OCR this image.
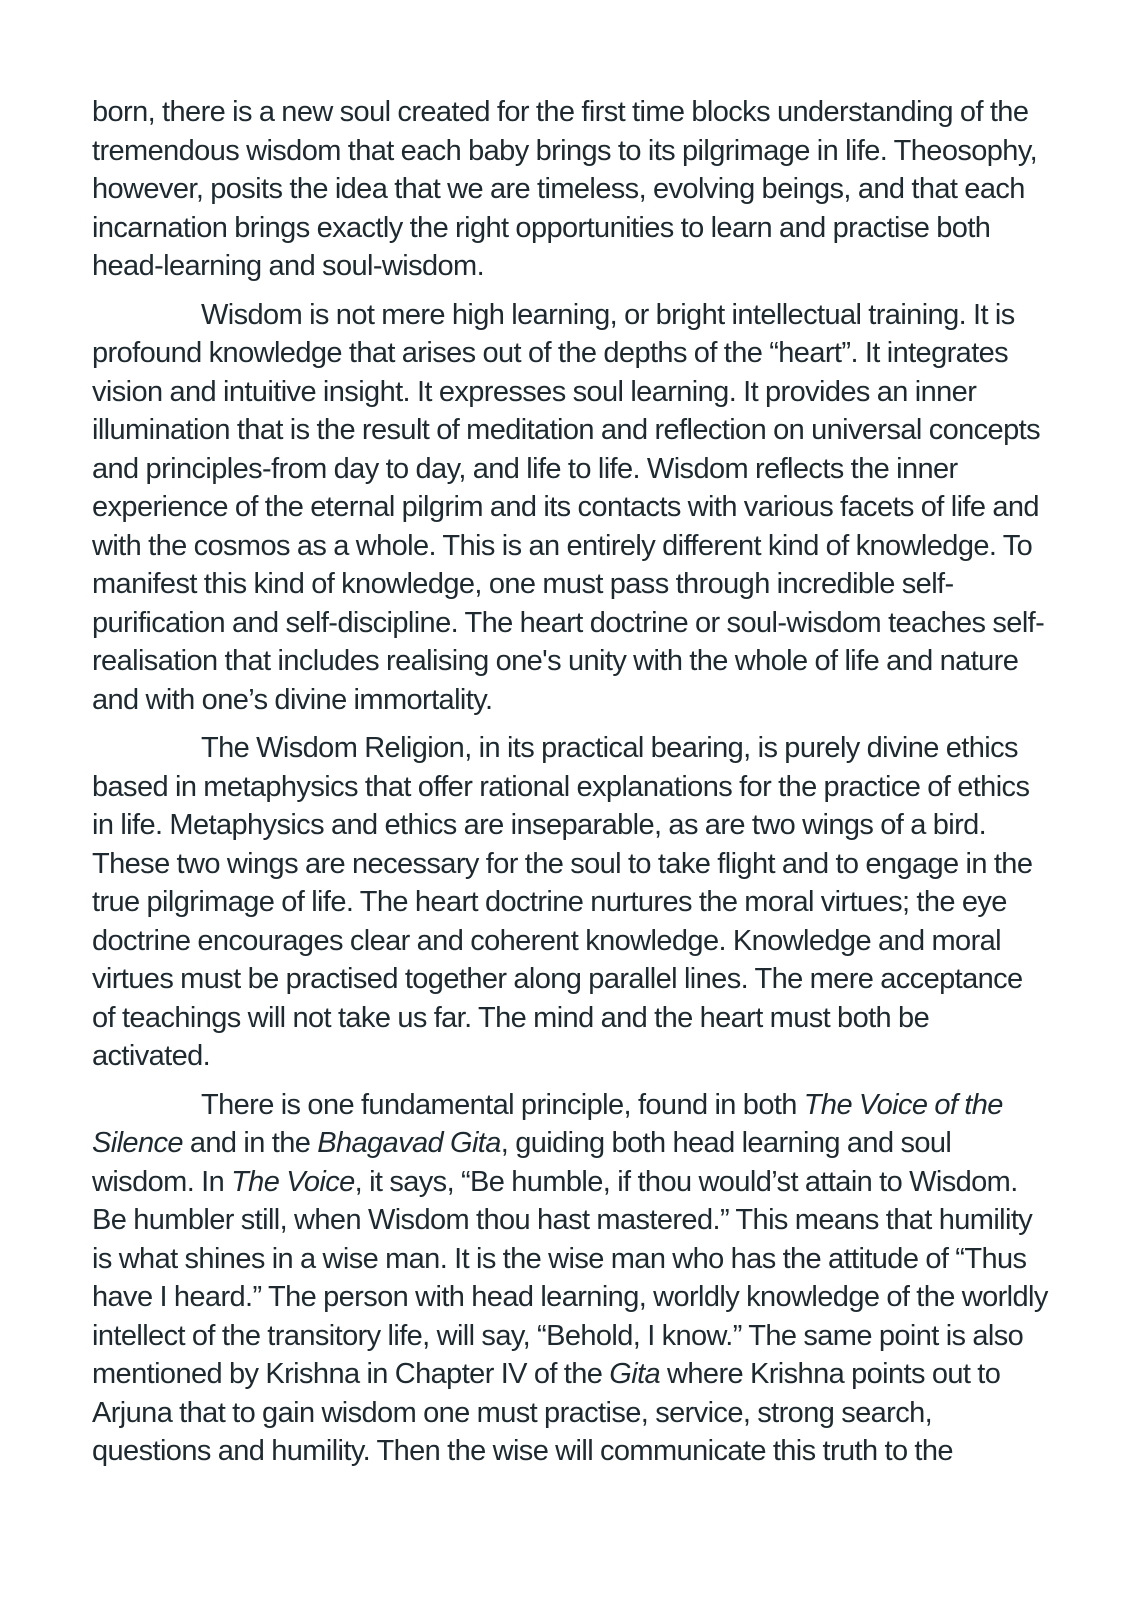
born, there is a new soul created for the first time blocks understanding of the
tremendous wisdom that each baby brings to its pilgrimage in life. Theosophy,
however, posits the idea that we are timeless, evolving beings, and that each
incarnation brings exactly the right opportunities to learn and practise both
head-learning and soul-wisdom.
Wisdom is not mere high learning, or bright intellectual training. It is
profound knowledge that arises out of the depths of the “heart”. It integrates
vision and intuitive insight. It expresses soul learning. It provides an inner
illumination that is the result of meditation and reflection on universal concepts
and principles-from day to day, and life to life. Wisdom reflects the inner
experience of the eternal pilgrim and its contacts with various facets of life and
with the cosmos as a whole. This is an entirely different kind of knowledge. To
manifest this kind of knowledge, one must pass through incredible self-
purification and self-discipline. The heart doctrine or soul-wisdom teaches self-
realisation that includes realising one's unity with the whole of life and nature
and with one’s divine immortality.
The Wisdom Religion, in its practical bearing, is purely divine ethics
based in metaphysics that offer rational explanations for the practice of ethics
in life. Metaphysics and ethics are inseparable, as are two wings of a bird.
These two wings are necessary for the soul to take flight and to engage in the
true pilgrimage of life. The heart doctrine nurtures the moral virtues; the eye
doctrine encourages clear and coherent knowledge. Knowledge and moral
virtues must be practised together along parallel lines. The mere acceptance
of teachings will not take us far. The mind and the heart must both be
activated.
There is one fundamental principle, found in both The Voice of the
Silence and in the Bhagavad Gita, guiding both head learning and soul
wisdom. In The Voice, it says, “Be humble, if thou would’st attain to Wisdom.
Be humbler still, when Wisdom thou hast mastered.” This means that humility
is what shines in a wise man. It is the wise man who has the attitude of “Thus
have I heard.” The person with head learning, worldly knowledge of the worldly
intellect of the transitory life, will say, “Behold, I know.” The same point is also
mentioned by Krishna in Chapter IV of the Gita where Krishna points out to
Arjuna that to gain wisdom one must practise, service, strong search,
questions and humility. Then the wise will communicate this truth to the
